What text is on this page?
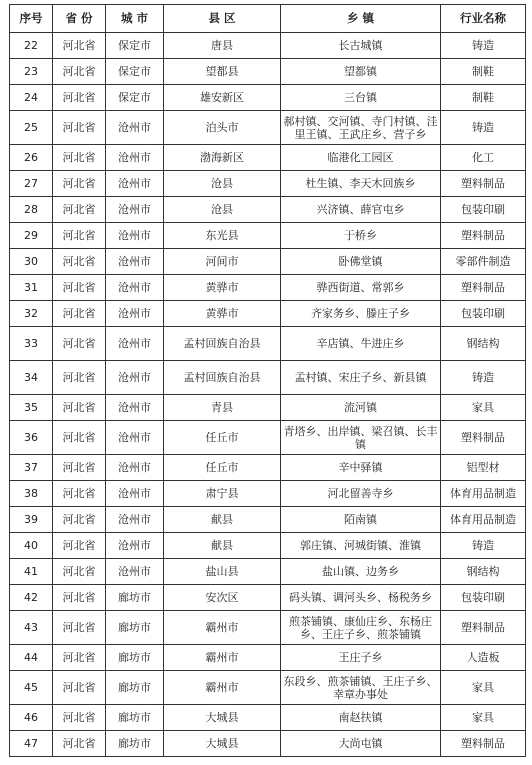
序号	省 份	城 市	县 区	乡 镇	行业名称
22	河北省	保定市	唐县	长古城镇	铸造
23	河北省	保定市	望都县	望都镇	制鞋
24	河北省	保定市	雄安新区	三台镇	制鞋
25	河北省	沧州市	泊头市	郝村镇、交河镇、寺门村镇、洼里王镇、王武庄乡、营子乡	铸造
26	河北省	沧州市	渤海新区	临港化工园区	化工
27	河北省	沧州市	沧县	杜生镇、李天木回族乡	塑料制品
28	河北省	沧州市	沧县	兴济镇、薛官屯乡	包装印刷
29	河北省	沧州市	东光县	于桥乡	塑料制品
30	河北省	沧州市	河间市	卧佛堂镇	零部件制造
31	河北省	沧州市	黄骅市	骅西街道、常郭乡	塑料制品
32	河北省	沧州市	黄骅市	齐家务乡、滕庄子乡	包装印刷
33	河北省	沧州市	孟村回族自治县	辛店镇、牛进庄乡	钢结构
34	河北省	沧州市	孟村回族自治县	孟村镇、宋庄子乡、新县镇	铸造
35	河北省	沧州市	青县	流河镇	家具
36	河北省	沧州市	任丘市	青塔乡、出岸镇、梁召镇、长丰镇	塑料制品
37	河北省	沧州市	任丘市	辛中驿镇	铝型材
38	河北省	沧州市	肃宁县	河北留善寺乡	体育用品制造
39	河北省	沧州市	献县	陌南镇	体育用品制造
40	河北省	沧州市	献县	郭庄镇、河城街镇、淮镇	铸造
41	河北省	沧州市	盐山县	盐山镇、边务乡	钢结构
42	河北省	廊坊市	安次区	码头镇、调河头乡、杨税务乡	包装印刷
43	河北省	廊坊市	霸州市	煎茶铺镇、康仙庄乡、东杨庄乡、王庄子乡、煎茶铺镇	塑料制品
44	河北省	廊坊市	霸州市	王庄子乡	人造板
45	河北省	廊坊市	霸州市	东段乡、煎茶铺镇、王庄子乡、幸章办事处	家具
46	河北省	廊坊市	大城县	南赵扶镇	家具
47	河北省	廊坊市	大城县	大尚屯镇	塑料制品
